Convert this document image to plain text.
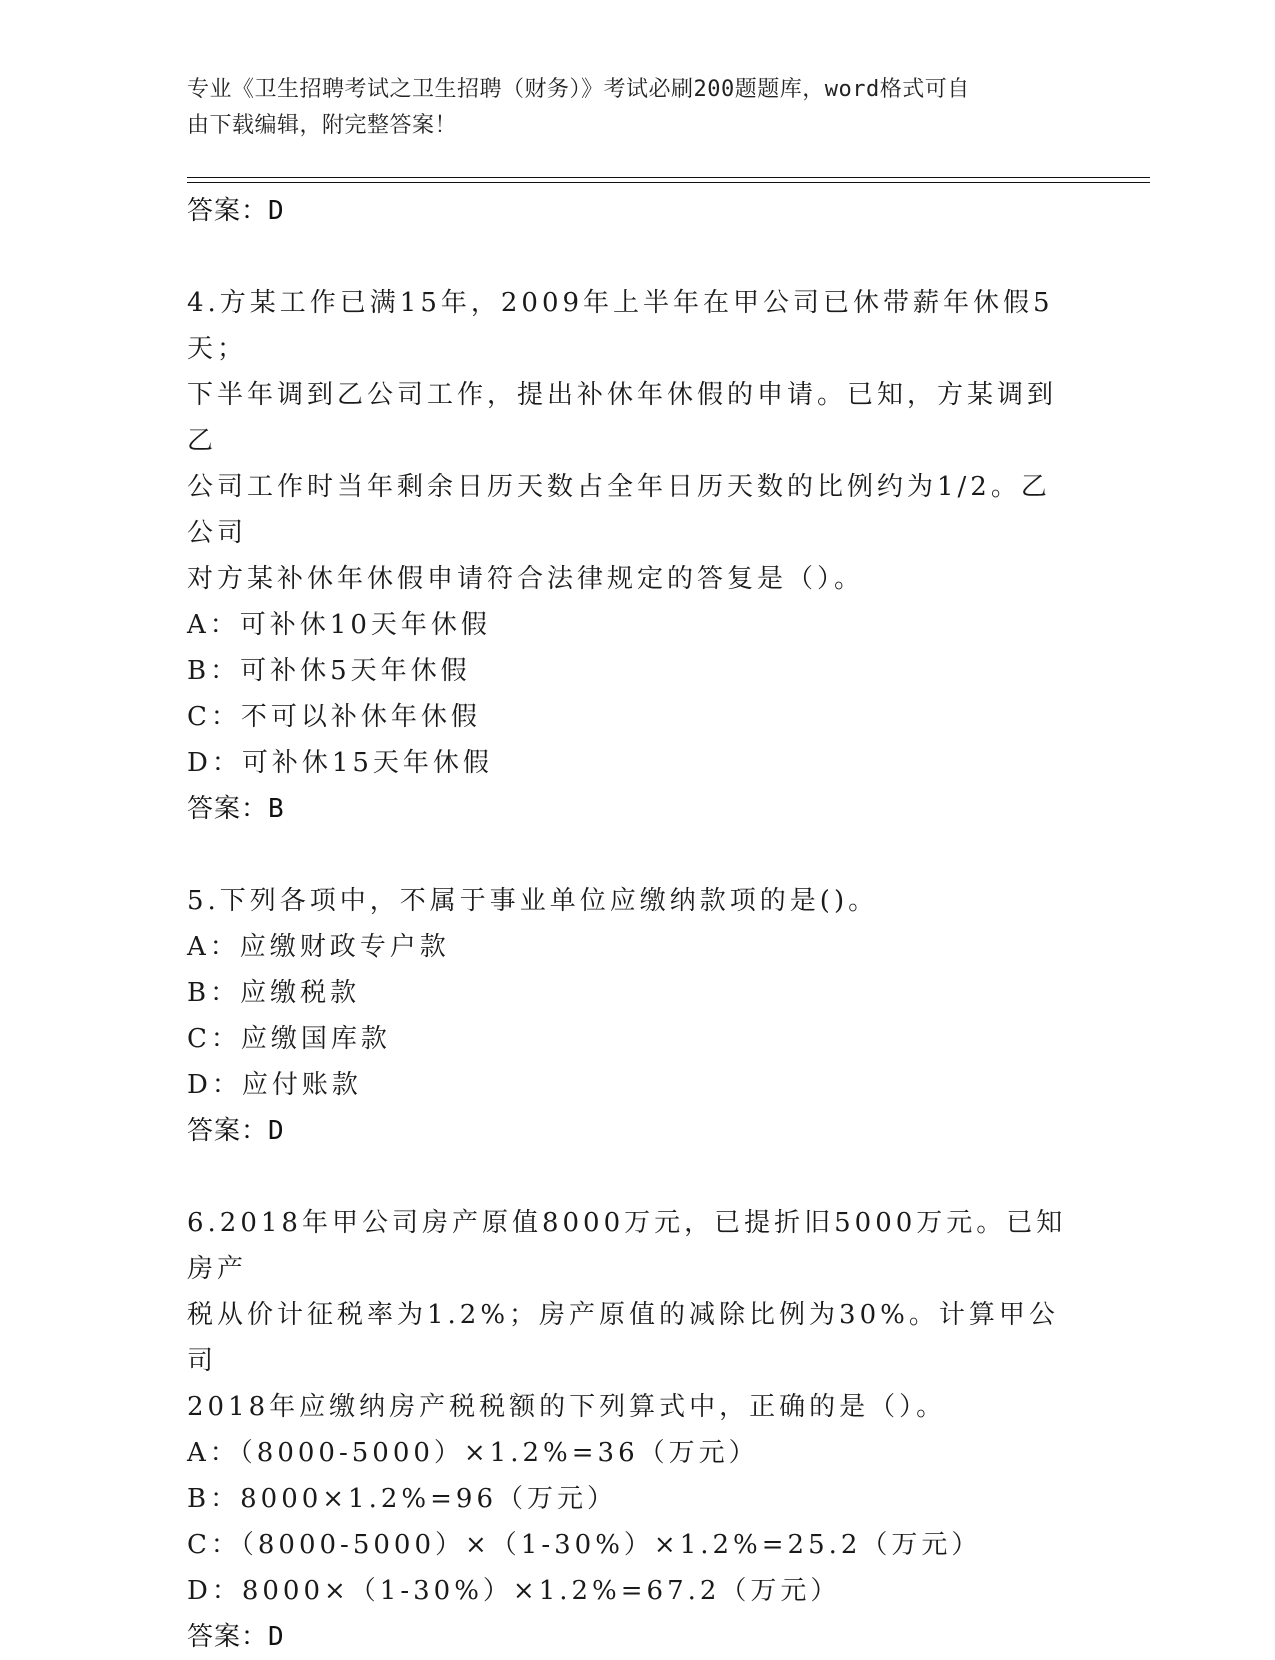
专业《卫生招聘考试之卫生招聘（财务）》考试必刷200题题库，word格式可自
由下载编辑，附完整答案！
答案：D
4.方某工作已满15年，2009年上半年在甲公司已休带薪年休假5天；
下半年调到乙公司工作，提出补休年休假的申请。已知，方某调到乙
公司工作时当年剩余日历天数占全年日历天数的比例约为1/2。乙公司
对方某补休年休假申请符合法律规定的答复是（）。
A：可补休10天年休假
B：可补休5天年休假
C：不可以补休年休假
D：可补休15天年休假
答案：B
5.下列各项中，不属于事业单位应缴纳款项的是()。
A：应缴财政专户款
B：应缴税款
C：应缴国库款
D：应付账款
答案：D
6.2018年甲公司房产原值8000万元，已提折旧5000万元。已知房产
税从价计征税率为1.2%；房产原值的减除比例为30%。计算甲公司
2018年应缴纳房产税税额的下列算式中，正确的是（）。
A：（8000-5000）×1.2%=36（万元）
B：8000×1.2%=96（万元）
C：（8000-5000）×（1-30%）×1.2%=25.2（万元）
D：8000×（1-30%）×1.2%=67.2（万元）
答案：D
